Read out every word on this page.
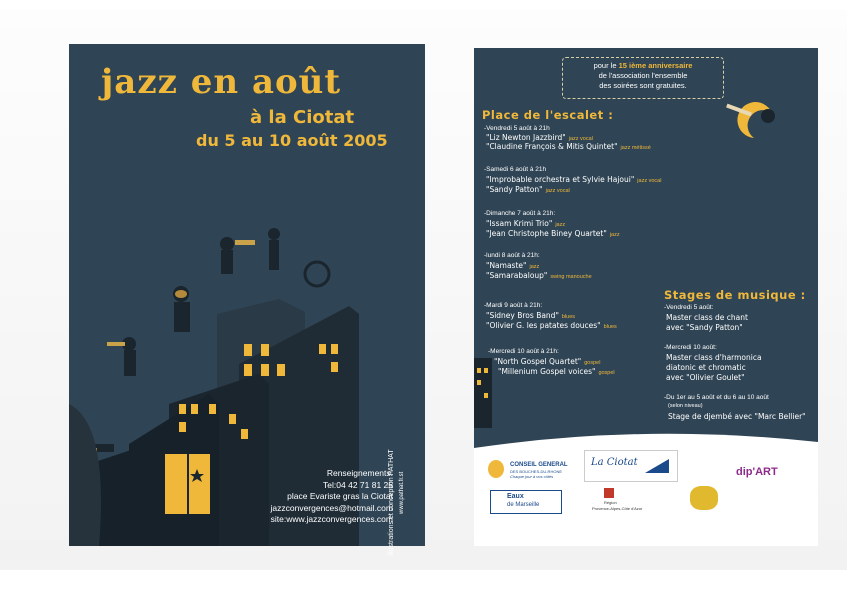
jazz en août
à la Ciotat
du 5 au 10 août 2005
Renseignements:
Tel:04 42 71 81 25
place Evariste gras la Ciotat
jazzconvergences@hotmail.com
site:www.jazzconvergences.com
illustrations et conception PATHAT www.pathat.fr.st
pour le 15 ième anniversaire
de l'association l'ensemble
des soirées sont gratuites.
Place de l'escalet :
-Vendredi 5 août à 21h
"Liz Newton Jazzbird" jazz vocal
"Claudine François & Mitis Quintet" jazz métissé
-Samedi 6 août à 21h
"Improbable orchestra et Sylvie Hajoui" jazz vocal
"Sandy Patton" jazz vocal
-Dimanche 7 août à 21h:
"Issam Krimi Trio" jazz
"Jean Christophe Biney Quartet" jazz
-lundi 8 août à 21h:
"Namaste" jazz
"Samarabaloup" swing manouche
-Mardi 9 août à 21h:
"Sidney Bros Band" blues
"Olivier G. les patates douces" blues
-Mercredi 10 août à 21h:
"North Gospel Quartet" gospel
"Millenium Gospel voices" gospel
Stages de musique :
-Vendredi 5 août:
Master class de chant
avec "Sandy Patton"
-Mercredi 10 août:
Master class d'harmonica
diatonic et chromatic
avec "Olivier Goulet"
-Du 1er au 5 août et du 6 au 10 août
(selon niveau)
Stage de djembé avec "Marc Bellier"
CONSEIL GENERAL
DES BOUCHES-DU-RHONE
Chaque jour à vos côtés
La Ciotat
Eaux
de Marseille	Région
Provence-Alpes-Côte d'Azur
dip'ART
